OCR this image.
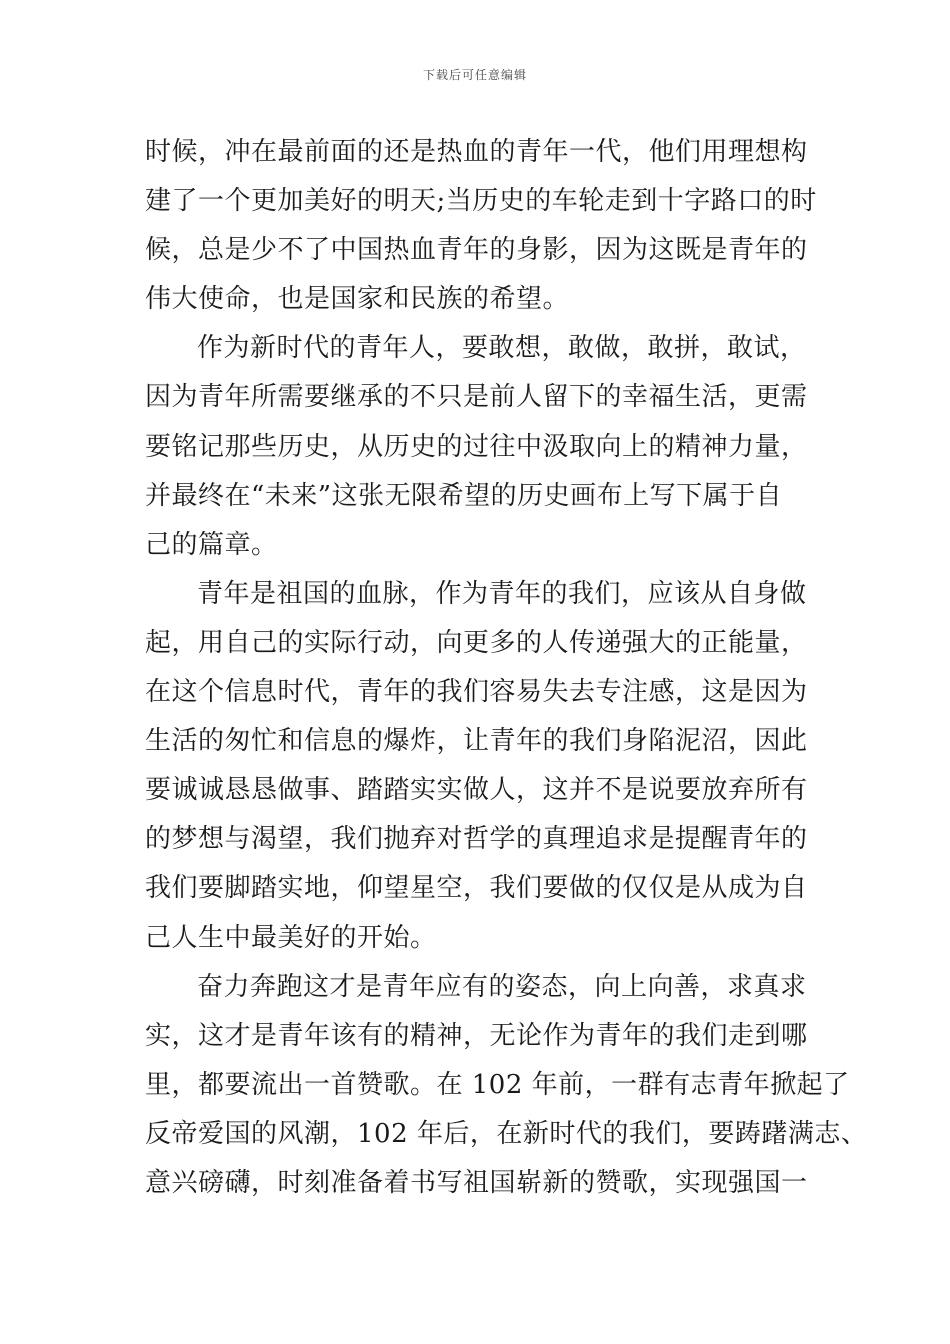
下载后可任意编辑
时候，冲在最前面的还是热血的青年一代，他们用理想构
建了一个更加美好的明天;当历史的车轮走到十字路口的时
候，总是少不了中国热血青年的身影，因为这既是青年的
伟大使命，也是国家和民族的希望。
作为新时代的青年人，要敢想，敢做，敢拼，敢试，
因为青年所需要继承的不只是前人留下的幸福生活，更需
要铭记那些历史，从历史的过往中汲取向上的精神力量，
并最终在“未来”这张无限希望的历史画布上写下属于自
己的篇章。
青年是祖国的血脉，作为青年的我们，应该从自身做
起，用自己的实际行动，向更多的人传递强大的正能量，
在这个信息时代，青年的我们容易失去专注感，这是因为
生活的匆忙和信息的爆炸，让青年的我们身陷泥沼，因此
要诚诚恳恳做事、踏踏实实做人，这并不是说要放弃所有
的梦想与渴望，我们抛弃对哲学的真理追求是提醒青年的
我们要脚踏实地，仰望星空，我们要做的仅仅是从成为自
己人生中最美好的开始。
奋力奔跑这才是青年应有的姿态，向上向善，求真求
实，这才是青年该有的精神，无论作为青年的我们走到哪
里，都要流出一首赞歌。在 102 年前，一群有志青年掀起了
反帝爱国的风潮，102 年后，在新时代的我们，要踌躇满志、
意兴磅礴，时刻准备着书写祖国崭新的赞歌，实现强国一
